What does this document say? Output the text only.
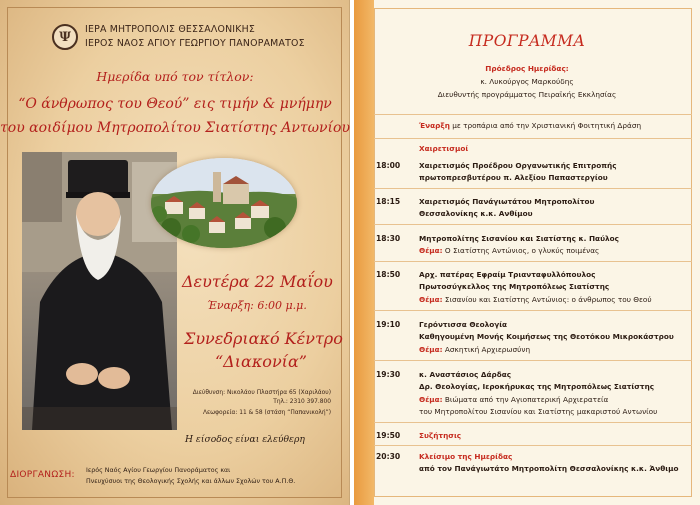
Ψ	ΙΕΡΑ ΜΗΤΡΟΠΟΛΙΣ ΘΕΣΣΑΛΟΝΙΚΗΣ
ΙΕΡΟΣ ΝΑΟΣ ΑΓΙΟΥ ΓΕΩΡΓΙΟΥ ΠΑΝΟΡΑΜΑΤΟΣ
Ημερίδα υπό τον τίτλον:
“Ο άνθρωπος του Θεού” εις τιμήν & μνήμην
του αοιδίμου Μητροπολίτου Σιατίστης Αντωνίου
Δευτέρα 22 Μαΐου
Έναρξη: 6:00 μ.μ.
Συνεδριακό Κέντρο
“Διακονία”
Διεύθυνση: Νικολάου Πλαστήρα 65 (Χαριλάου)
Τηλ.: 2310 397.800
Λεωφορεία: 11 & 58 (στάση “Παπανικολή”)
Η είσοδος είναι ελεύθερη
ΔΙΟΡΓΑΝΩΣΗ: Ιερός Ναός Αγίου Γεωργίου Πανοράματος και
Πνευχύσυοι της Θεολογικής Σχολής και άλλων Σχολών του Α.Π.Θ.
ΠΡΟΓΡΑΜΜΑ
Πρόεδρος Ημερίδας:
κ. Λυκούργος Μαρκούδης
Διευθυντής προγράμματος Πειραϊκής Εκκλησίας
Έναρξη με τροπάρια από την Χριστιανική Φοιτητική Δράση
Χαιρετισμοί
18:00	Χαιρετισμός Προέδρου Οργανωτικής Επιτροπής
πρωτοπρεσβυτέρου π. Αλεξίου Παπαστεργίου
18:15	Χαιρετισμός Πανάγιωτάτου Μητροπολίτου
Θεσσαλονίκης κ.κ. Ανθίμου
18:30	Μητροπολίτης Σισανίου και Σιατίστης κ. Παύλος
Θέμα: Ο Σιατίστης Αντώνιος, ο γλυκύς ποιμένας
18:50	Αρχ. πατέρας Εφραίμ Τριανταφυλλόπουλος
Πρωτοσύγκελλος της Μητροπόλεως Σιατίστης
Θέμα: Σισανίου και Σιατίστης Αντώνιος: ο άνθρωπος του Θεού
19:10	Γερόντισσα Θεολογία
Καθηγουμένη Μονής Κοιμήσεως της Θεοτόκου Μικροκάστρου
Θέμα: Ασκητική Αρχιερωσύνη
19:30	κ. Αναστάσιος Δάρδας
Δρ. Θεολογίας, Ιεροκήρυκας της Μητροπόλεως Σιατίστης
Θέμα: Βιώματα από την Αγιοπατερική Αρχιερατεία
του Μητροπολίτου Σισανίου και Σιατίστης μακαριστού Αντωνίου
19:50	Συζήτησις
20:30	Κλείσιμο της Ημερίδας
από τον Πανάγιωτάτο Μητροπολίτη Θεσσαλονίκης κ.κ. Άνθιμο
